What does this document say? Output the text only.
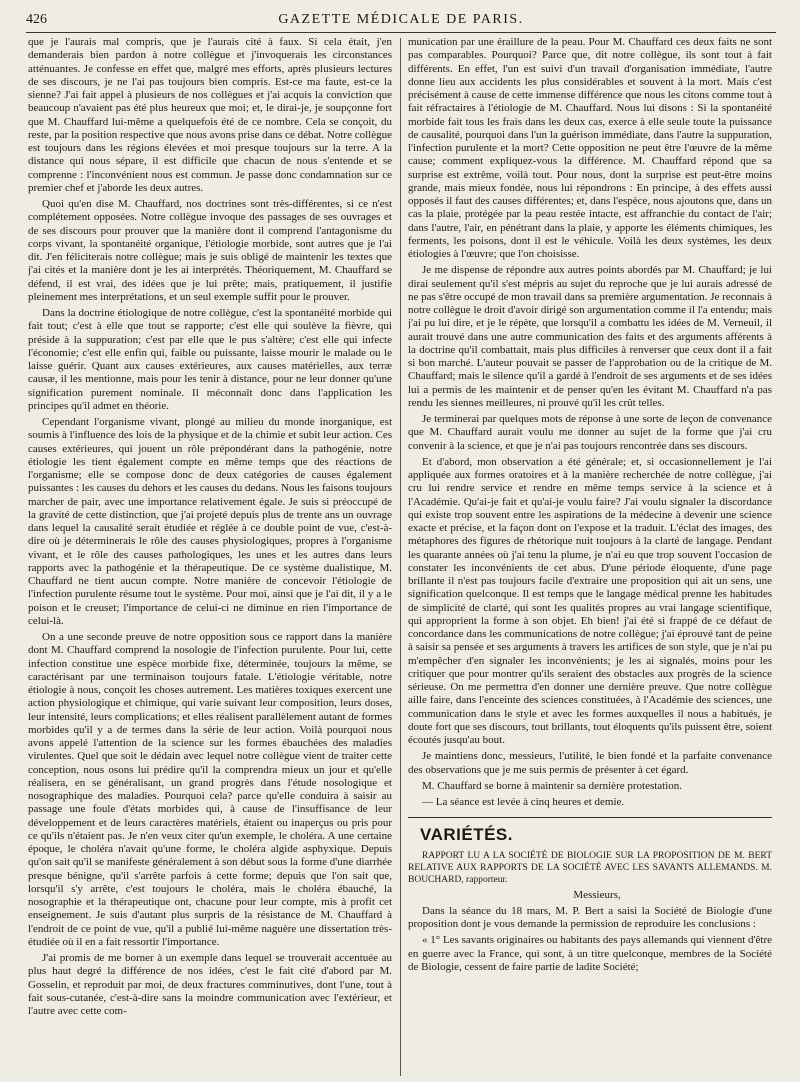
426	GAZETTE MÉDICALE DE PARIS.

que je l'aurais mal compris, que je l'aurais cité à faux. Si cela était, j'en demanderais bien pardon à notre collègue et j'invoquerais les circonstances atténuantes. Je confesse en effet que, malgré mes efforts, après plusieurs lectures de ses discours, je ne l'ai pas toujours bien compris. Est-ce ma faute, est-ce la sienne? J'ai fait appel à plusieurs de nos collègues et j'ai acquis la conviction que beaucoup n'avaient pas été plus heureux que moi; et, le dirai-je, je soupçonne fort que M. Chauffard lui-même a quelquefois été de ce nombre. Cela se conçoit, du reste, par la position respective que nous avons prise dans ce débat. Notre collègue est toujours dans les régions élevées et moi presque toujours sur la terre. A la distance qui nous sépare, il est difficile que chacun de nous s'entende et se comprenne : l'inconvénient nous est commun. Je passe donc condamnation sur ce premier chef et j'aborde les deux autres.

Quoi qu'en dise M. Chauffard, nos doctrines sont très-différentes, si ce n'est complétement opposées. Notre collègue invoque des passages de ses ouvrages et de ses discours pour prouver que la manière dont il comprend l'antagonisme du corps vivant, la spontanéité organique, l'étiologie morbide, sont autres que je l'ai dit. J'en féliciterais notre collègue; mais je suis obligé de maintenir les textes que j'ai cités et la manière dont je les ai interprétés. Théoriquement, M. Chauffard se défend, il est vrai, des idées que je lui prête; mais, pratiquement, il justifie pleinement mes interprétations, et un seul exemple suffit pour le prouver.

Dans la doctrine étiologique de notre collègue, c'est la spontanéité morbide qui fait tout; c'est à elle que tout se rapporte; c'est elle qui soulève la fièvre, qui préside à la suppuration; c'est par elle que le pus s'altère; c'est elle qui infecte l'économie; c'est elle enfin qui, faible ou puissante, laisse mourir le malade ou le laisse guérir. Quant aux causes extérieures, aux causes matérielles, aux terræ causæ, il les mentionne, mais pour les tenir à distance, pour ne leur donner qu'une signification purement nominale. Il méconnaît donc dans l'application les principes qu'il admet en théorie.

Cependant l'organisme vivant, plongé au milieu du monde inorganique, est soumis à l'influence des lois de la physique et de la chimie et subit leur action. Ces causes extérieures, qui jouent un rôle prépondérant dans la pathogénie, notre étiologie les tient également compte en même temps que des réactions de l'organisme; elle se compose donc de deux catégories de causes également puissantes : les causes du dehors et les causes du dedans. Nous les faisons toujours marcher de pair, avec une importance relativement égale. Je suis si préoccupé de la gravité de cette distinction, que j'ai projeté depuis plus de trente ans un ouvrage dans lequel la causalité serait étudiée et réglée à ce double point de vue, c'est-à-dire où je déterminerais le rôle des causes physiologiques, propres à l'organisme vivant, et le rôle des causes pathologiques, les unes et les autres dans leurs rapports avec la pathogénie et la thérapeutique. De ce système dualistique, M. Chauffard ne tient aucun compte. Notre manière de concevoir l'étiologie de l'infection purulente résume tout le système. Pour moi, ainsi que je l'ai dit, il y a le poison et le creuset; l'importance de celui-ci ne diminue en rien l'importance de celui-là.

On a une seconde preuve de notre opposition sous ce rapport dans la manière dont M. Chauffard comprend la nosologie de l'infection purulente. Pour lui, cette infection constitue une espèce morbide fixe, déterminée, toujours la même, se caractérisant par une terminaison toujours fatale. L'étiologie véritable, notre étiologie à nous, conçoit les choses autrement. Les matières toxiques exercent une action physiologique et chimique, qui varie suivant leur composition, leurs doses, leur intensité, leurs complications; et elles réalisent parallèlement autant de formes morbides qu'il y a de termes dans la série de leur action. Voilà pourquoi nous avons appelé l'attention de la science sur les formes ébauchées des maladies virulentes. Quel que soit le dédain avec lequel notre collègue vient de traiter cette conception, nous osons lui prédire qu'il la comprendra mieux un jour et qu'elle réalisera, en se généralisant, un grand progrès dans l'étude nosologique et nosographique des maladies. Pourquoi cela? parce qu'elle conduira à saisir au passage une foule d'états morbides qui, à cause de l'insuffisance de leur développement et de leurs caractères matériels, étaient ou inaperçus ou pris pour ce qu'ils n'étaient pas. Je n'en veux citer qu'un exemple, le choléra. A une certaine époque, le choléra n'avait qu'une forme, le choléra algide asphyxique. Depuis qu'on sait qu'il se manifeste généralement à son début sous la forme d'une diarrhée presque bénigne, qu'il s'arrête parfois à cette forme; depuis que l'on sait que, lorsqu'il s'y arrête, c'est toujours le choléra, mais le choléra ébauché, la nosographie et la thérapeutique ont, chacune pour leur compte, mis à profit cet enseignement. Je suis d'autant plus surpris de la résistance de M. Chauffard à l'endroit de ce point de vue, qu'il a publié lui-même naguère une dissertation très-étudiée où il en a fait ressortir l'importance.

J'ai promis de me borner à un exemple dans lequel se trouverait accentuée au plus haut degré la différence de nos idées, c'est le fait cité d'abord par M. Gosselin, et reproduit par moi, de deux fractures comminutives, dont l'une, tout à fait sous-cutanée, c'est-à-dire sans la moindre communication avec l'extérieur, et l'autre avec cette com-

munication par une éraillure de la peau. Pour M. Chauffard ces deux faits ne sont pas comparables. Pourquoi? Parce que, dit notre collègue, ils sont tout à fait différents. En effet, l'un est suivi d'un travail d'organisation immédiate, l'autre donne lieu aux accidents les plus considérables et souvent à la mort. Mais c'est précisément à cause de cette immense différence que nous les citons comme tout à fait réfractaires à l'étiologie de M. Chauffard. Nous lui disons : Si la spontanéité morbide fait tous les frais dans les deux cas, exerce à elle seule toute la puissance de causalité, pourquoi dans l'un la guérison immédiate, dans l'autre la suppuration, l'infection purulente et la mort? Cette opposition ne peut être l'œuvre de la même cause; comment expliquez-vous la différence. M. Chauffard répond que sa surprise est extrême, voilà tout. Pour nous, dont la surprise est peut-être moins grande, mais mieux fondée, nous lui répondrons : En principe, à des effets aussi opposés il faut des causes différentes; et, dans l'espèce, nous ajoutons que, dans un cas la plaie, protégée par la peau restée intacte, est affranchie du contact de l'air; dans l'autre, l'air, en pénétrant dans la plaie, y apporte les éléments chimiques, les ferments, les poisons, dont il est le véhicule. Voilà les deux systèmes, les deux étiologies à l'œuvre; que l'on choisisse.

Je me dispense de répondre aux autres points abordés par M. Chauffard; je lui dirai seulement qu'il s'est mépris au sujet du reproche que je lui aurais adressé de ne pas s'être occupé de mon travail dans sa première argumentation. Je reconnais à notre collègue le droit d'avoir dirigé son argumentation comme il l'a entendu; mais j'ai pu lui dire, et je le répète, que lorsqu'il a combattu les idées de M. Verneuil, il aurait trouvé dans une autre communication des faits et des arguments afférents à la doctrine qu'il combattait, mais plus difficiles à renverser que ceux dont il a fait si bon marché. L'auteur pouvait se passer de l'approbation ou de la critique de M. Chauffard; mais le silence qu'il a gardé à l'endroit de ses arguments et de ses idées lui a permis de les maintenir et de penser qu'en les évitant M. Chauffard n'a pas rendu les siennes meilleures, ni prouvé qu'il les crût telles.

Je terminerai par quelques mots de réponse à une sorte de leçon de convenance que M. Chauffard aurait voulu me donner au sujet de la forme que j'ai cru convenir à la science, et que je n'ai pas toujours rencontrée dans ses discours.

Et d'abord, mon observation a été générale; et, si occasionnellement je l'ai appliquée aux formes oratoires et à la manière recherchée de notre collègue, j'ai cru lui rendre service et rendre en même temps service à la science et à l'Académie. Qu'ai-je fait et qu'ai-je voulu faire? J'ai voulu signaler la discordance qui existe trop souvent entre les aspirations de la médecine à devenir une science exacte et précise, et la façon dont on l'expose et la traduit. L'éclat des images, des métaphores des figures de rhétorique nuit toujours à la clarté de langage. Pendant les quarante années où j'ai tenu la plume, je n'ai eu que trop souvent l'occasion de constater les inconvénients de cet abus. D'une période éloquente, d'une page brillante il n'est pas toujours facile d'extraire une proposition qui ait un sens, une signification quelconque. Il est temps que le langage médical prenne les habitudes de simplicité de clarté, qui sont les qualités propres au vrai langage scientifique, qui approprient la forme à son objet. Eh bien! j'ai été si frappé de ce défaut de concordance dans les communications de notre collègue; j'ai éprouvé tant de peine à saisir sa pensée et ses arguments à travers les artifices de son style, que je n'ai pu m'empêcher d'en signaler les inconvénients; je les ai signalés, moins pour les critiquer que pour montrer qu'ils seraient des obstacles aux progrès de la science sérieuse. On me permettra d'en donner une dernière preuve. Que notre collègue aille faire, dans l'enceinte des sciences constituées, à l'Académie des sciences, une communication dans le style et avec les formes auxquelles il nous a habitués, je doute fort que ses discours, tout brillants, tout éloquents qu'ils puissent être, soient écoutés jusqu'au bout.

Je maintiens donc, messieurs, l'utilité, le bien fondé et la parfaite convenance des observations que je me suis permis de présenter à cet égard.

M. Chauffard se borne à maintenir sa dernière protestation.

— La séance est levée à cinq heures et demie.

VARIÉTÉS.

RAPPORT LU A LA SOCIÉTÉ DE BIOLOGIE SUR LA PROPOSITION DE M. BERT RELATIVE AUX RAPPORTS DE LA SOCIÉTÉ AVEC LES SAVANTS ALLEMANDS. M. BOUCHARD, rapporteur.

Messieurs,

Dans la séance du 18 mars, M. P. Bert a saisi la Société de Biologie d'une proposition dont je vous demande la permission de reproduire les conclusions :

« 1° Les savants originaires ou habitants des pays allemands qui viennent d'être en guerre avec la France, qui sont, à un titre quelconque, membres de la Société de Biologie, cessent de faire partie de ladite Société;
